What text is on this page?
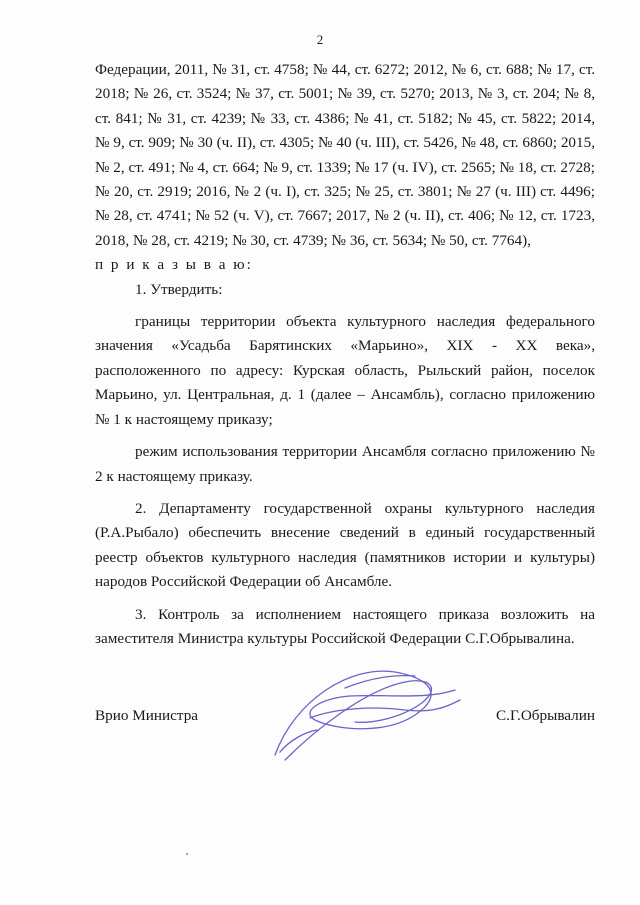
2

Федерации, 2011, № 31, ст. 4758; № 44, ст. 6272; 2012, № 6, ст. 688; № 17, ст. 2018; № 26, ст. 3524; № 37, ст. 5001; № 39, ст. 5270; 2013, № 3, ст. 204; № 8, ст. 841; № 31, ст. 4239; № 33, ст. 4386; № 41, ст. 5182; № 45, ст. 5822; 2014, № 9, ст. 909; № 30 (ч. II), ст. 4305; № 40 (ч. III), ст. 5426, № 48, ст. 6860; 2015, № 2, ст. 491; № 4, ст. 664; № 9, ст. 1339; № 17 (ч. IV), ст. 2565; № 18, ст. 2728; № 20, ст. 2919; 2016, № 2 (ч. I), ст. 325; № 25, ст. 3801; № 27 (ч. III) ст. 4496; № 28, ст. 4741; № 52 (ч. V), ст. 7667; 2017, № 2 (ч. II), ст. 406; № 12, ст. 1723, 2018, № 28, ст. 4219; № 30, ст. 4739; № 36, ст. 5634; № 50, ст. 7764),

п р и к а з ы в а ю:

1. Утвердить:

границы территории объекта культурного наследия федерального значения «Усадьба Барятинских «Марьино», XIX - XX века», расположенного по адресу: Курская область, Рыльский район, поселок Марьино, ул. Центральная, д. 1 (далее – Ансамбль), согласно приложению № 1 к настоящему приказу;

режим использования территории Ансамбля согласно приложению № 2 к настоящему приказу.

2. Департаменту государственной охраны культурного наследия (Р.А.Рыбало) обеспечить внесение сведений в единый государственный реестр объектов культурного наследия (памятников истории и культуры) народов Российской Федерации об Ансамбле.

3. Контроль за исполнением настоящего приказа возложить на заместителя Министра культуры Российской Федерации С.Г.Обрывалина.

Врио Министра	С.Г.Обрывалин
